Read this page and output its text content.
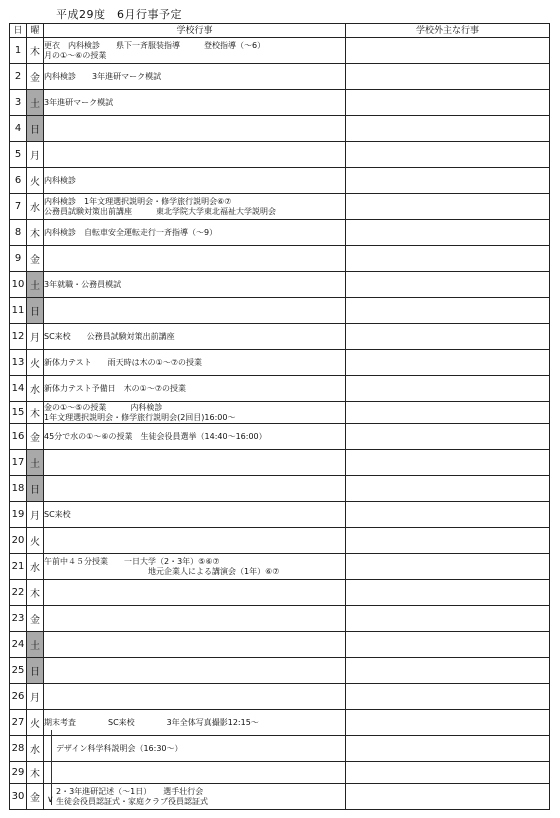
平成29度　6月行事予定
日	曜	学校行事	学校外主な行事
1	木	更衣　内科検診　　県下一斉服装指導　　　登校指導（～6）
月の①～⑥の授業	

2	金	内科検診　　3年進研マーク模試	

3	土	3年進研マーク模試	

4	日		
5	月		
6	火	内科検診	

7	水	内科検診　1年文理選択説明会・修学旅行説明会⑥⑦
公務員試験対策出前講座　　　東北学院大学東北福祉大学説明会	

8	木	内科検診　自転車安全運転走行一斉指導（～9）	

9	金		
10	土	3年就職・公務員模試	

11	日		
12	月	SC来校　　公務員試験対策出前講座	

13	火	新体力テスト　　雨天時は木の①～⑦の授業	

14	水	新体力テスト予備日　木の①～⑦の授業	

15	木	金の①～⑤の授業　　　内科検診
1年文理選択説明会・修学旅行説明会(2回目)16:00～	

16	金	45分で水の①～⑥の授業　生徒会役員選挙（14:40～16:00）	

17	土		
18	日		
19	月	SC来校	

20	火		
21	水	午前中４５分授業　　一日大学（2・3年）⑤⑥⑦
　　　　　　　　　　　　　地元企業人による講演会（1年）⑥⑦	

22	木		
23	金		
24	土		
25	日		
26	月		
27	火	期末考査　　　　SC来校　　　　3年全体写真撮影12:15～	

28	水	デザイン科学科説明会（16:30～）	

29	木		
30	金	2・3年進研記述（～1日）　　選手壮行会
生徒会役員認証式・家庭クラブ役員認証式	

∨
